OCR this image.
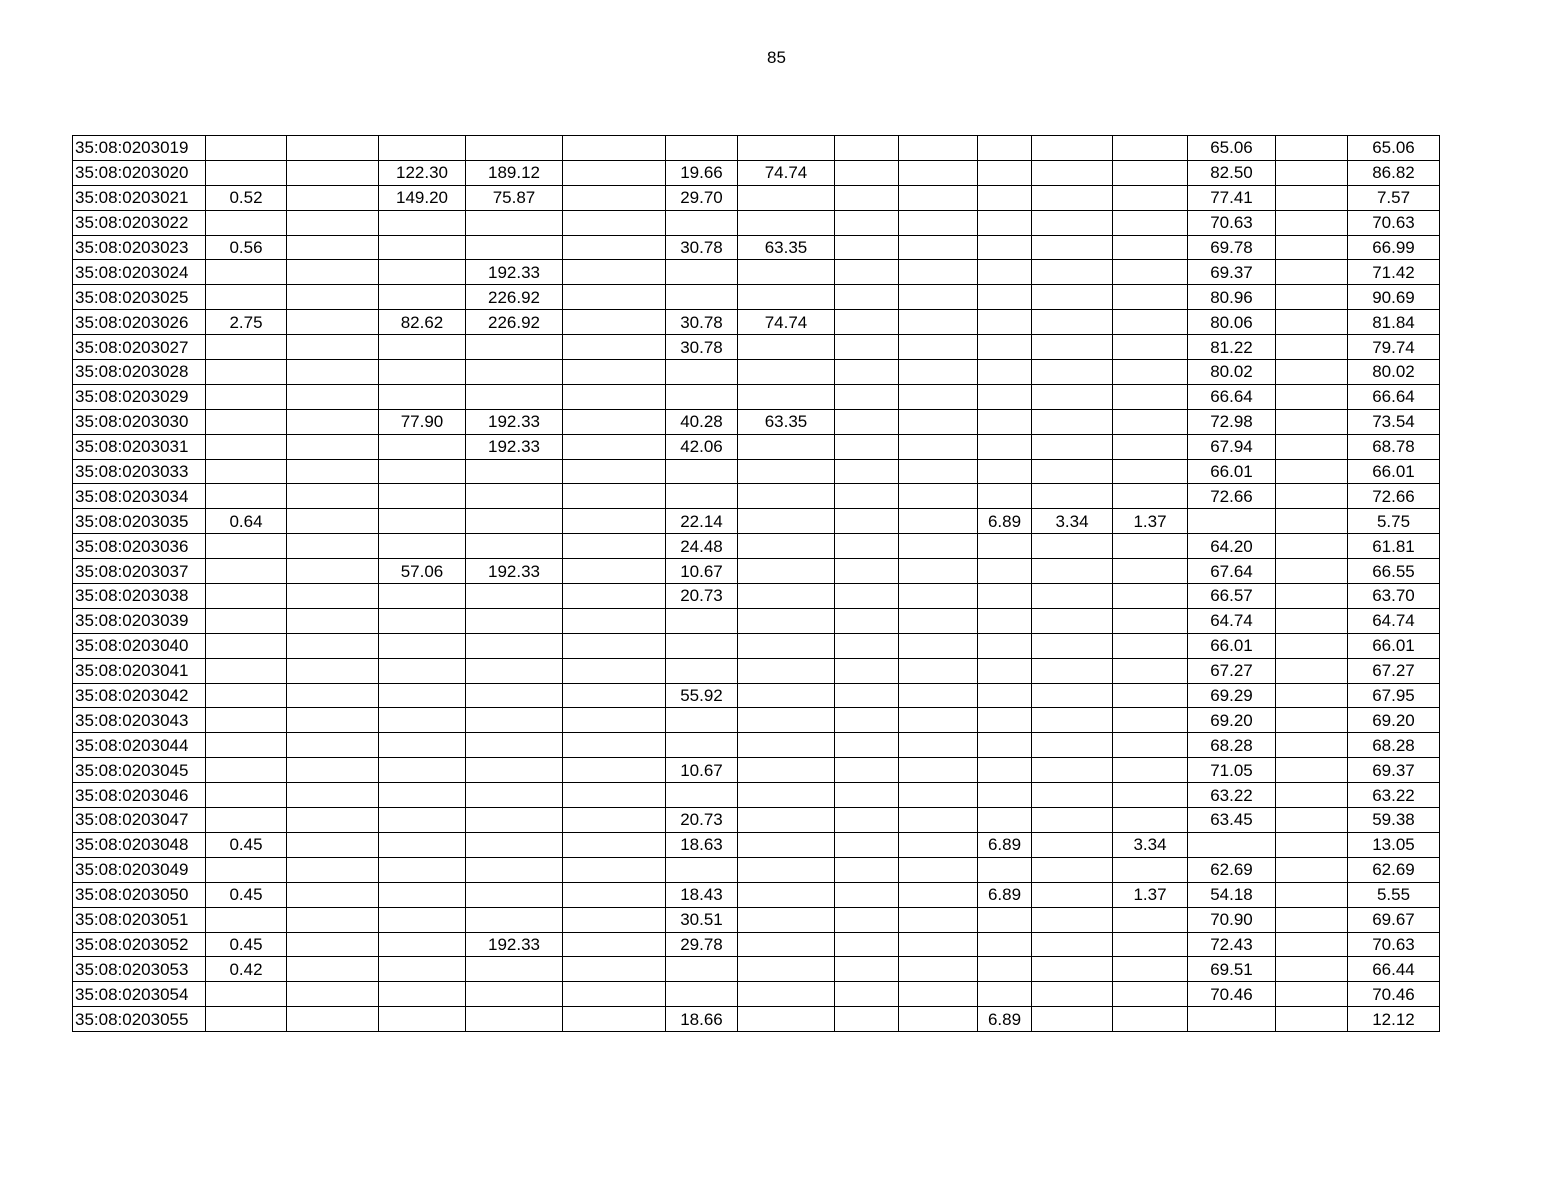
85
35:08:0203019													65.06		65.06
35:08:0203020			122.30	189.12		19.66	74.74						82.50		86.82
35:08:0203021	0.52		149.20	75.87		29.70							77.41		7.57
35:08:0203022													70.63		70.63
35:08:0203023	0.56					30.78	63.35						69.78		66.99
35:08:0203024				192.33									69.37		71.42
35:08:0203025				226.92									80.96		90.69
35:08:0203026	2.75		82.62	226.92		30.78	74.74						80.06		81.84
35:08:0203027						30.78							81.22		79.74
35:08:0203028													80.02		80.02
35:08:0203029													66.64		66.64
35:08:0203030			77.90	192.33		40.28	63.35						72.98		73.54
35:08:0203031				192.33		42.06							67.94		68.78
35:08:0203033													66.01		66.01
35:08:0203034													72.66		72.66
35:08:0203035	0.64					22.14				6.89	3.34	1.37			5.75
35:08:0203036						24.48							64.20		61.81
35:08:0203037			57.06	192.33		10.67							67.64		66.55
35:08:0203038						20.73							66.57		63.70
35:08:0203039													64.74		64.74
35:08:0203040													66.01		66.01
35:08:0203041													67.27		67.27
35:08:0203042						55.92							69.29		67.95
35:08:0203043													69.20		69.20
35:08:0203044													68.28		68.28
35:08:0203045						10.67							71.05		69.37
35:08:0203046													63.22		63.22
35:08:0203047						20.73							63.45		59.38
35:08:0203048	0.45					18.63				6.89		3.34			13.05
35:08:0203049													62.69		62.69
35:08:0203050	0.45					18.43				6.89		1.37	54.18		5.55
35:08:0203051						30.51							70.90		69.67
35:08:0203052	0.45			192.33		29.78							72.43		70.63
35:08:0203053	0.42												69.51		66.44
35:08:0203054													70.46		70.46
35:08:0203055						18.66				6.89					12.12
